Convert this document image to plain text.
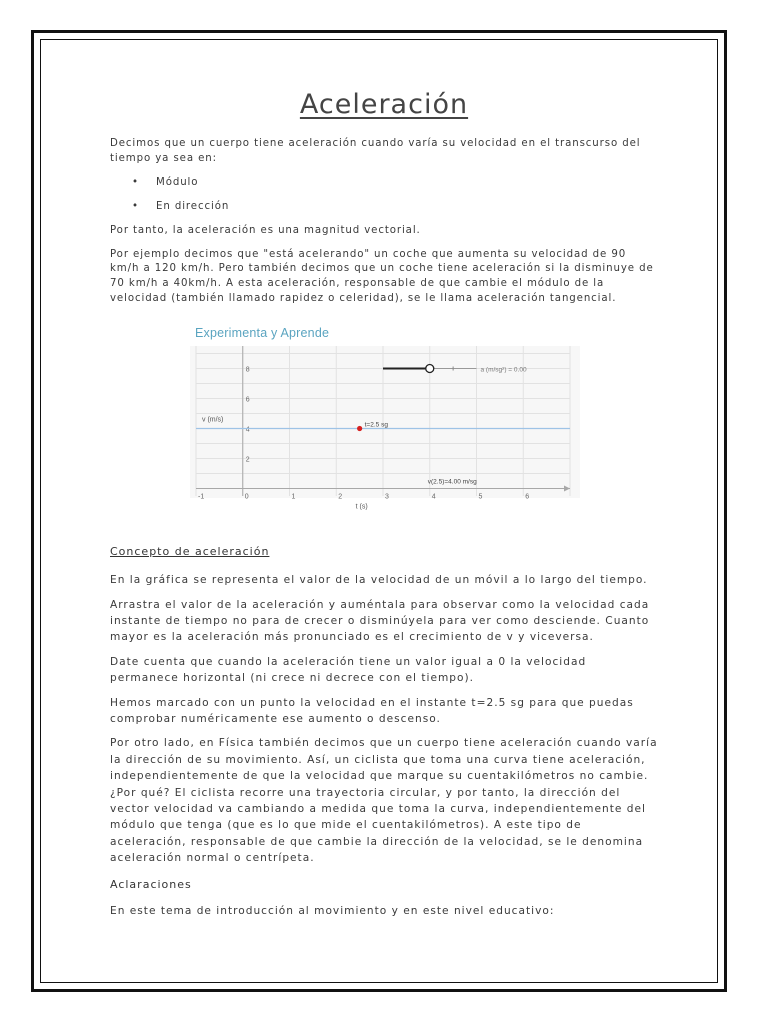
Aceleración

Decimos que un cuerpo tiene aceleración cuando varía su velocidad en el transcurso del tiempo ya sea en:

• Módulo
• En dirección

Por tanto, la aceleración es una magnitud vectorial.

Por ejemplo decimos que "está acelerando" un coche que aumenta su velocidad de 90 km/h a 120 km/h. Pero también decimos que un coche tiene aceleración si la disminuye de 70 km/h a 40km/h. A esta aceleración, responsable de que cambie el módulo de la velocidad (también llamado rapidez o celeridad), se le llama aceleración tangencial.

Experimenta y Aprende
-1	0	1	2	3	4	5	6
2
4
6
8
v (m/s)
t (s)
t=2.5 sg
v(2.5)=4.00 m/sg
a (m/sg²) = 0.00
Concepto de aceleración

En la gráfica se representa el valor de la velocidad de un móvil a lo largo del tiempo.

Arrastra el valor de la aceleración y auméntala para observar como la velocidad cada instante de tiempo no para de crecer o disminúyela para ver como desciende. Cuanto mayor es la aceleración más pronunciado es el crecimiento de v y viceversa.

Date cuenta que cuando la aceleración tiene un valor igual a 0 la velocidad permanece horizontal (ni crece ni decrece con el tiempo).

Hemos marcado con un punto la velocidad en el instante t=2.5 sg para que puedas comprobar numéricamente ese aumento o descenso.

Por otro lado, en Física también decimos que un cuerpo tiene aceleración cuando varía la dirección de su movimiento. Así, un ciclista que toma una curva tiene aceleración, independientemente de que la velocidad que marque su cuentakilómetros no cambie. ¿Por qué? El ciclista recorre una trayectoria circular, y por tanto, la dirección del vector velocidad va cambiando a medida que toma la curva, independientemente del módulo que tenga (que es lo que mide el cuentakilómetros). A este tipo de aceleración, responsable de que cambie la dirección de la velocidad, se le denomina aceleración normal o centrípeta.

Aclaraciones

En este tema de introducción al movimiento y en este nivel educativo:
